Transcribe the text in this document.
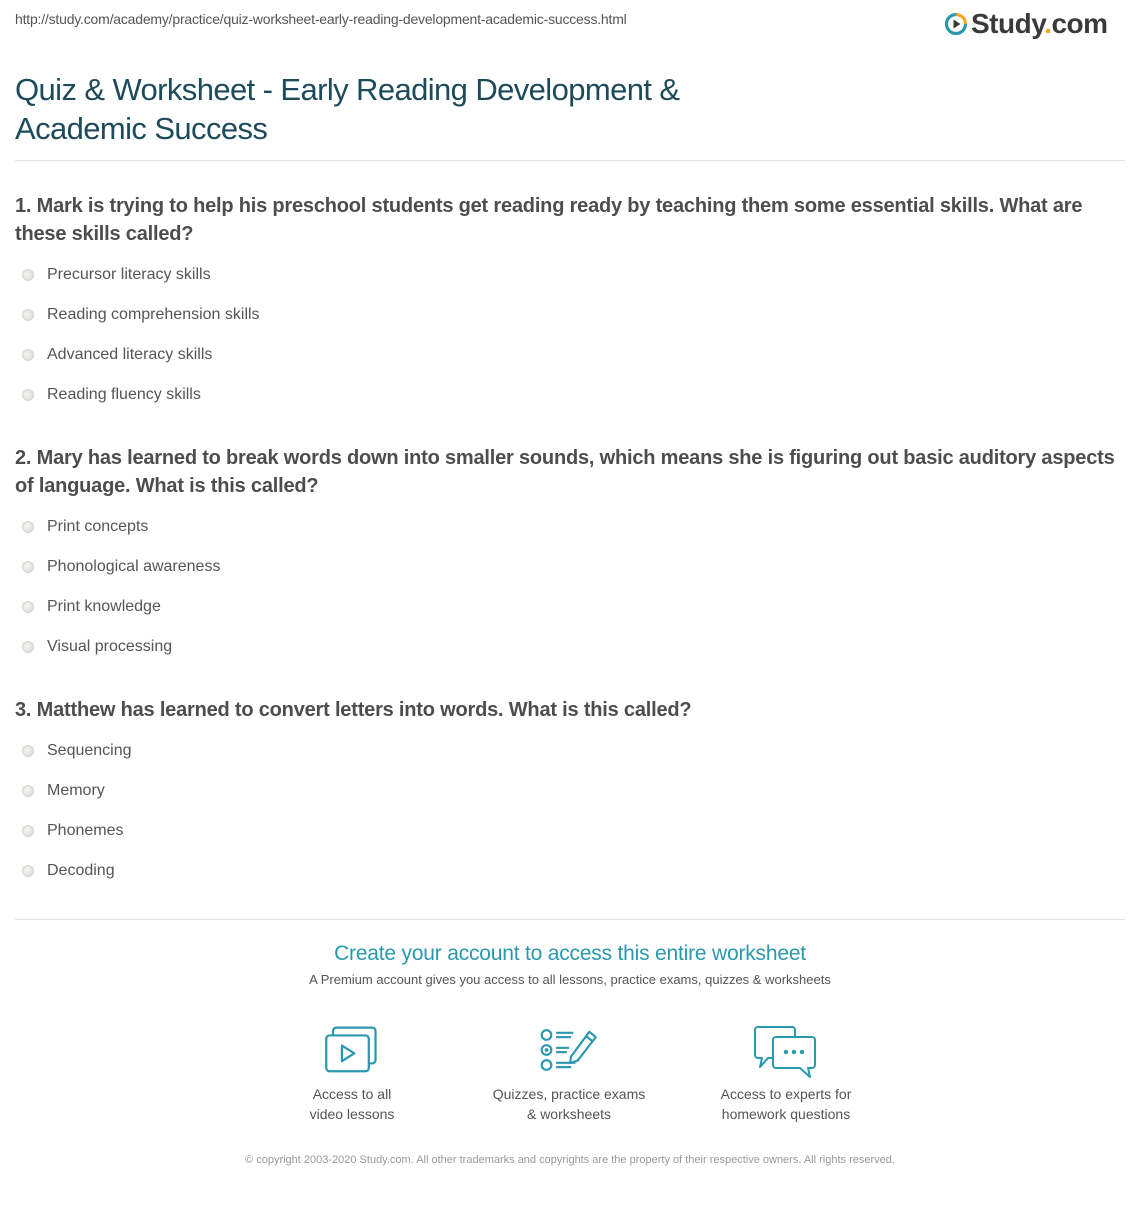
http://study.com/academy/practice/quiz-worksheet-early-reading-development-academic-success.html	Study.com
Quiz & Worksheet - Early Reading Development & Academic Success
1. Mark is trying to help his preschool students get reading ready by teaching them some essential skills. What are these skills called?
Precursor literacy skills
Reading comprehension skills
Advanced literacy skills
Reading fluency skills
2. Mary has learned to break words down into smaller sounds, which means she is figuring out basic auditory aspects of language. What is this called?
Print concepts
Phonological awareness
Print knowledge
Visual processing
3. Matthew has learned to convert letters into words. What is this called?
Sequencing
Memory
Phonemes
Decoding
Create your account to access this entire worksheet
A Premium account gives you access to all lessons, practice exams, quizzes & worksheets
Access to all
video lessons
Quizzes, practice exams
& worksheets
Access to experts for
homework questions
© copyright 2003-2020 Study.com. All other trademarks and copyrights are the property of their respective owners. All rights reserved.
